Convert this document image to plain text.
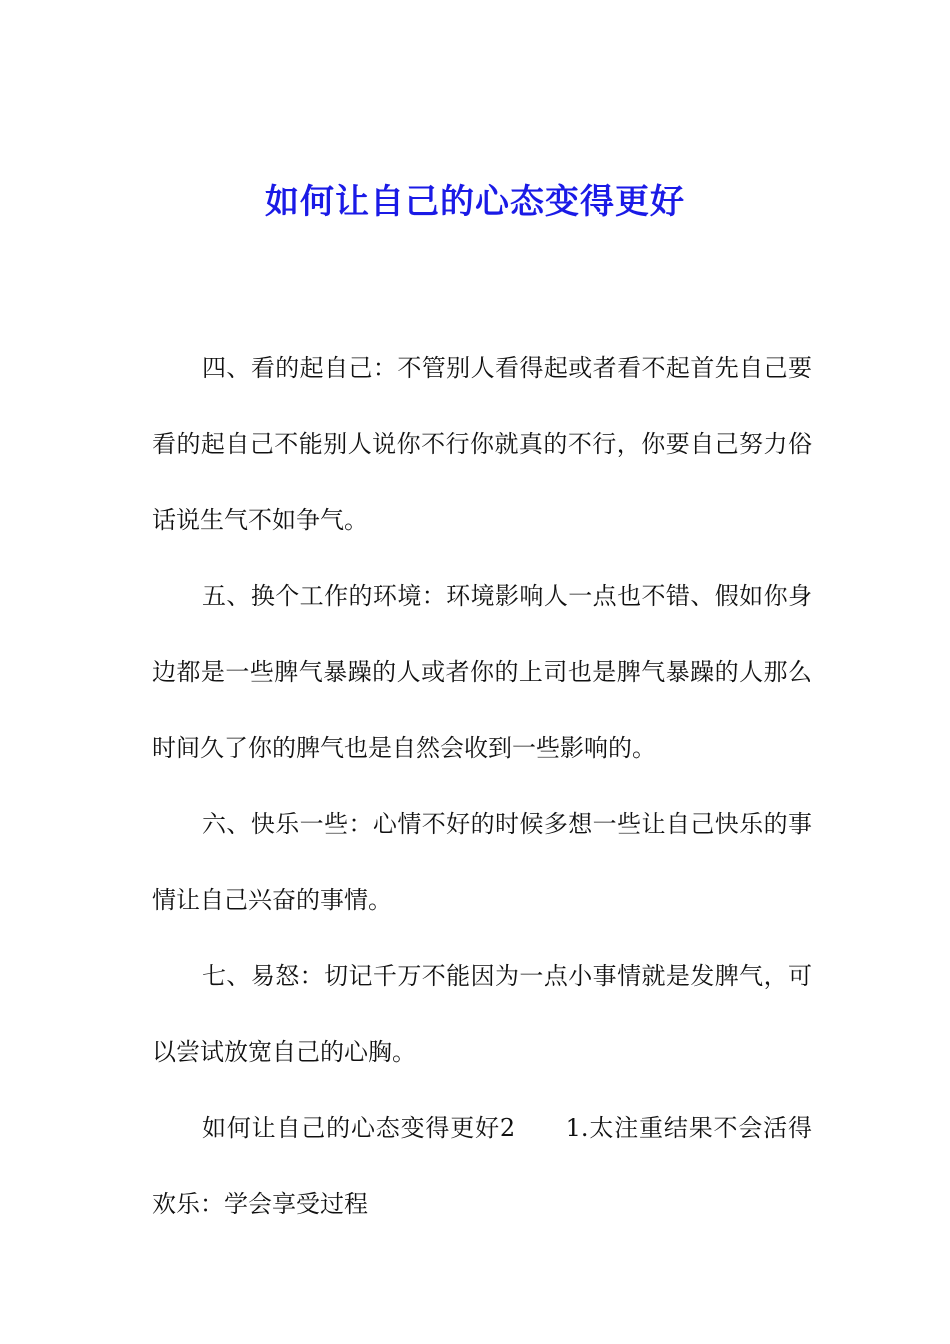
如何让自己的心态变得更好

四、看的起自己：不管别人看得起或者看不起首先自己要看的起自己不能别人说你不行你就真的不行，你要自己努力俗话说生气不如争气。

五、换个工作的环境：环境影响人一点也不错、假如你身边都是一些脾气暴躁的人或者你的上司也是脾气暴躁的人那么时间久了你的脾气也是自然会收到一些影响的。

六、快乐一些：心情不好的时候多想一些让自己快乐的事情让自己兴奋的事情。

七、易怒：切记千万不能因为一点小事情就是发脾气，可以尝试放宽自己的心胸。

如何让自己的心态变得更好2　　1.太注重结果不会活得欢乐：学会享受过程
